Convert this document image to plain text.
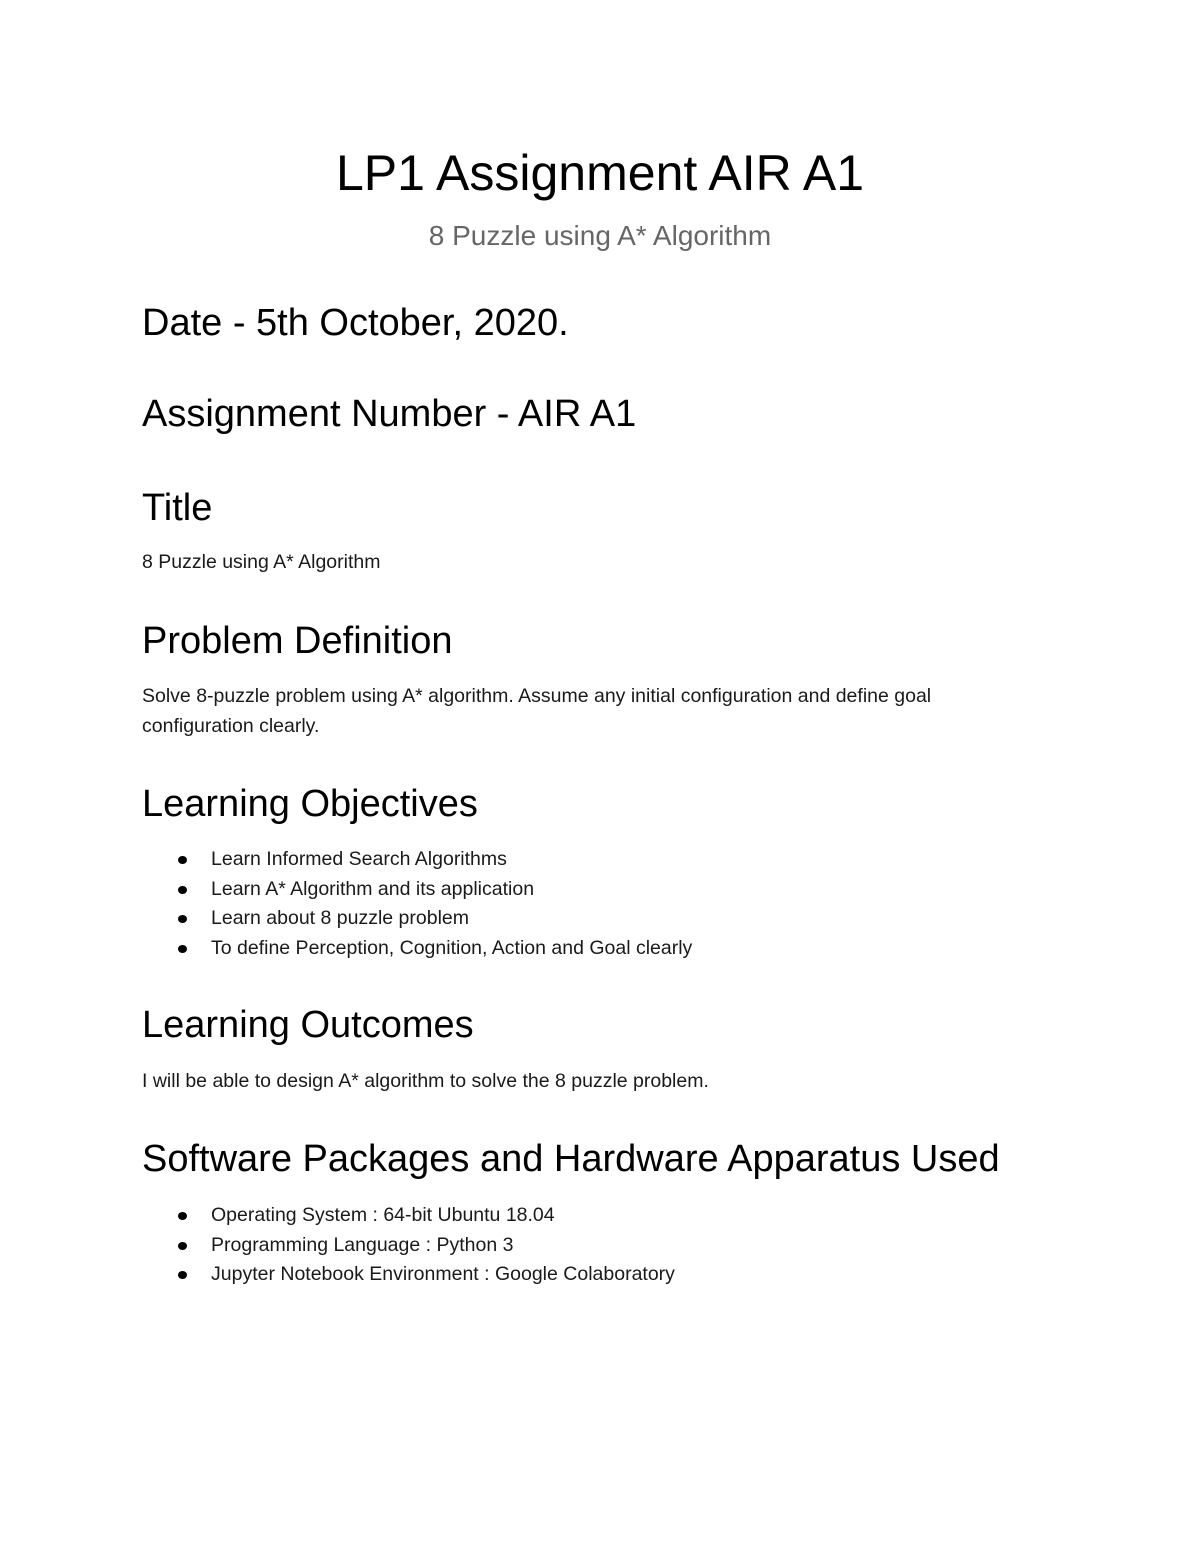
LP1 Assignment AIR A1

8 Puzzle using A* Algorithm

Date - 5th October, 2020.
Assignment Number - AIR A1
Title

8 Puzzle using A* Algorithm

Problem Definition

Solve 8-puzzle problem using A* algorithm. Assume any initial configuration and define goal configuration clearly.

Learning Objectives
Learn Informed Search Algorithms
Learn A* Algorithm and its application
Learn about 8 puzzle problem
To define Perception, Cognition, Action and Goal clearly
Learning Outcomes

I will be able to design A* algorithm to solve the 8 puzzle problem.

Software Packages and Hardware Apparatus Used
Operating System : 64-bit Ubuntu 18.04
Programming Language : Python 3
Jupyter Notebook Environment : Google Colaboratory
